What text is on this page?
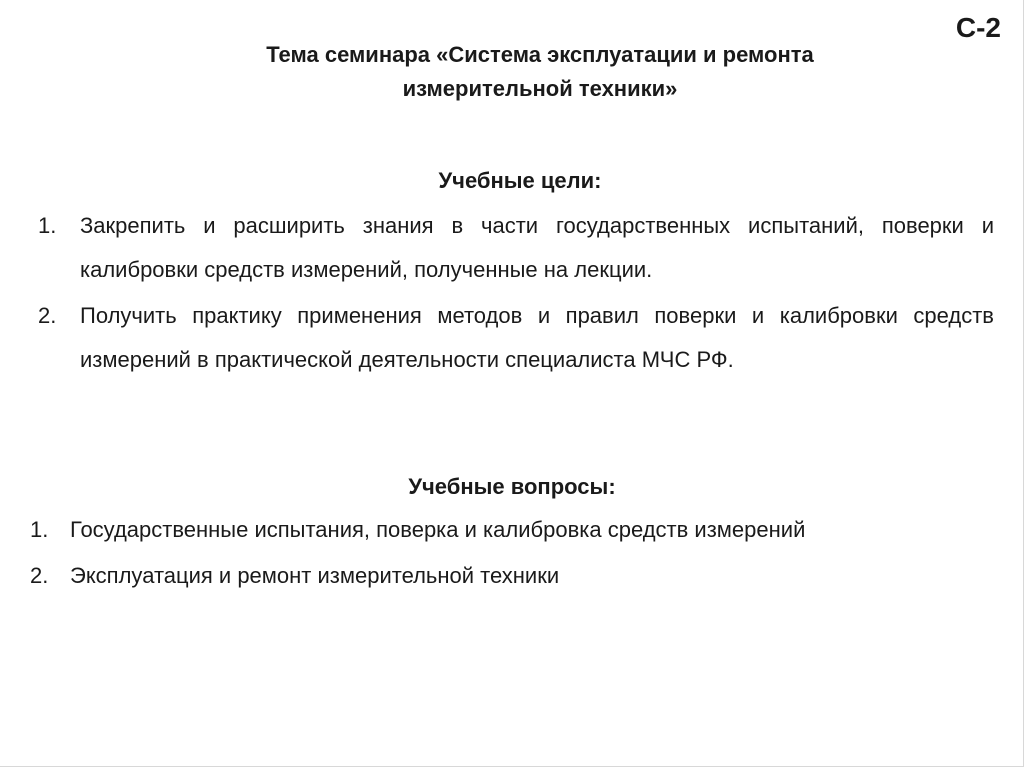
С-2
Тема семинара «Система эксплуатации и ремонта
измерительной техники»
Учебные цели:
1. Закрепить и расширить знания в части государственных испытаний, поверки и калибровки средств измерений, полученные на лекции.
2. Получить практику применения методов и правил поверки и калибровки средств измерений в практической деятельности специалиста МЧС РФ.
Учебные вопросы:
1. Государственные испытания, поверка и калибровка средств измерений
2. Эксплуатация и ремонт измерительной техники
